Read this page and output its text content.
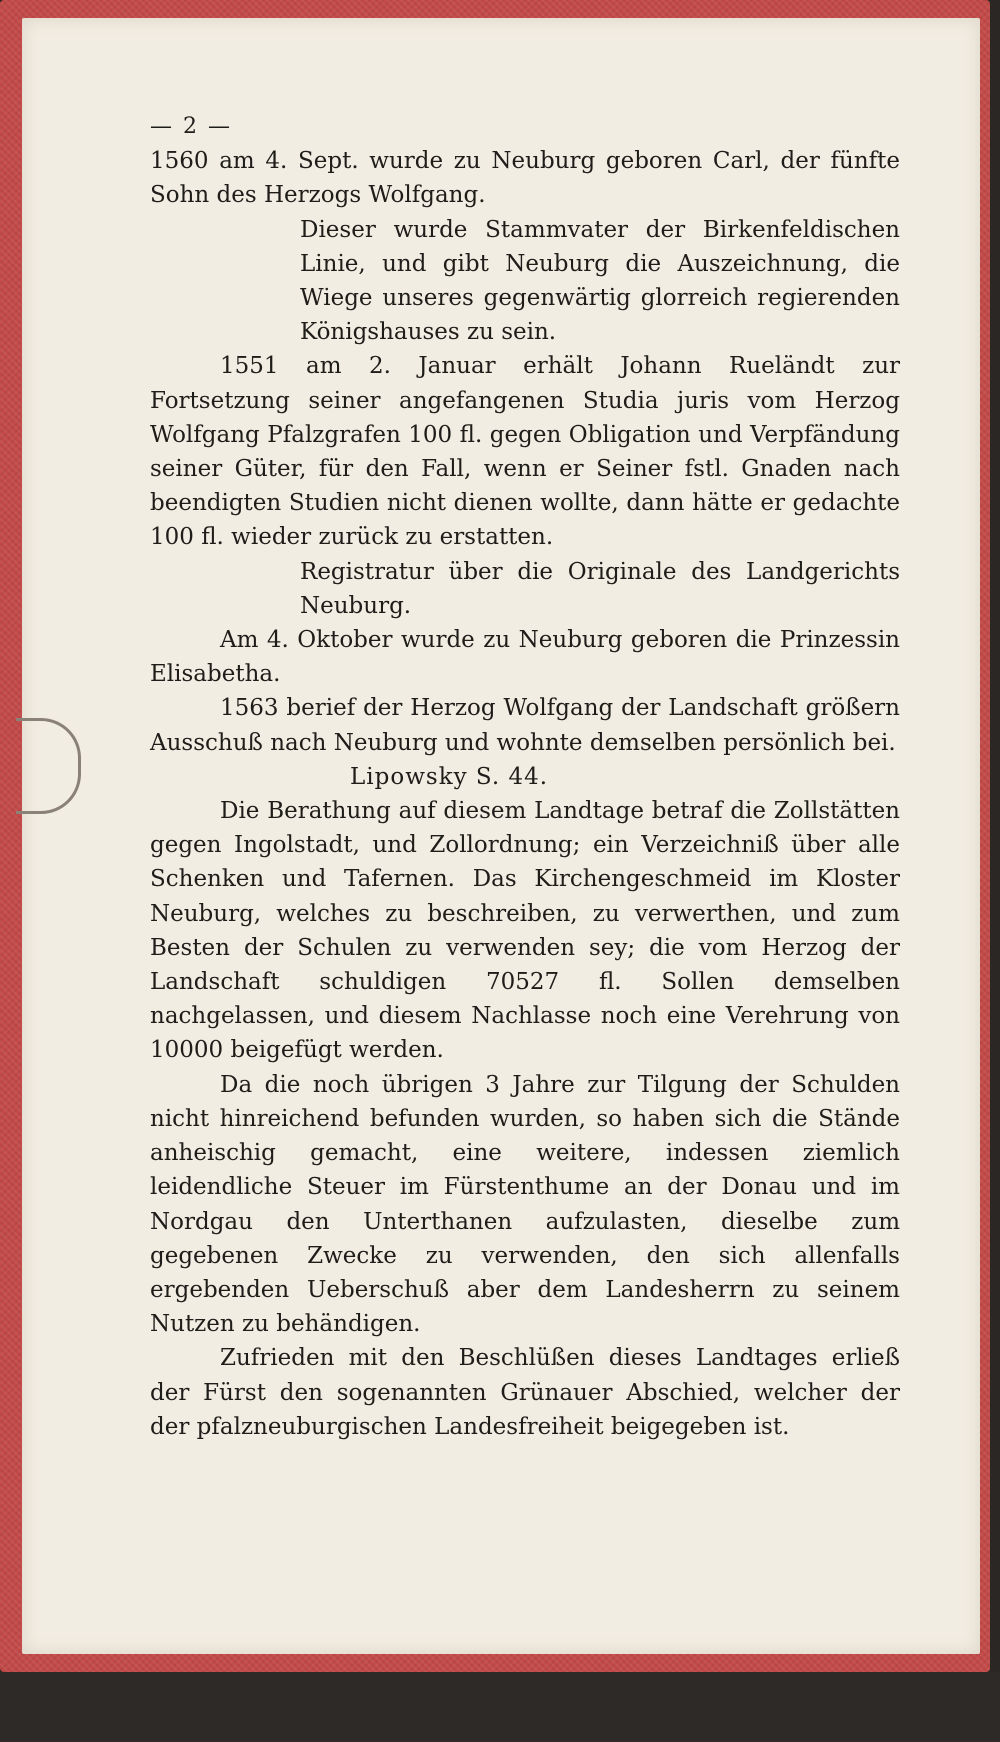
— 2 —

1560 am 4. Sept. wurde zu Neuburg geboren Carl, der fünfte Sohn des Herzogs Wolfgang.

Dieser wurde Stammvater der Birkenfeldischen Linie, und gibt Neuburg die Auszeichnung, die Wiege unseres gegenwärtig glorreich regierenden Königshauses zu sein.

1551 am 2. Januar erhält Johann Rueländt zur Fortsetzung seiner angefangenen Studia juris vom Herzog Wolfgang Pfalzgrafen 100 fl. gegen Obligation und Verpfändung seiner Güter, für den Fall, wenn er Seiner fstl. Gnaden nach beendigten Studien nicht dienen wollte, dann hätte er gedachte 100 fl. wieder zurück zu erstatten.

Registratur über die Originale des Landgerichts Neuburg.

Am 4. Oktober wurde zu Neuburg geboren die Prinzessin Elisabetha.

1563 berief der Herzog Wolfgang der Landschaft größern Ausschuß nach Neuburg und wohnte demselben persönlich bei.

Lipowsky S. 44.

Die Berathung auf diesem Landtage betraf die Zollstätten gegen Ingolstadt, und Zollordnung; ein Verzeichniß über alle Schenken und Tafernen. Das Kirchengeschmeid im Kloster Neuburg, welches zu beschreiben, zu verwerthen, und zum Besten der Schulen zu verwenden sey; die vom Herzog der Landschaft schuldigen 70527 fl. Sollen demselben nachgelassen, und diesem Nachlasse noch eine Verehrung von 10000 beigefügt werden.

Da die noch übrigen 3 Jahre zur Tilgung der Schulden nicht hinreichend befunden wurden, so haben sich die Stände anheischig gemacht, eine weitere, indessen ziemlich leidendliche Steuer im Fürstenthume an der Donau und im Nordgau den Unterthanen aufzulasten, dieselbe zum gegebenen Zwecke zu verwenden, den sich allenfalls ergebenden Ueberschuß aber dem Landesherrn zu seinem Nutzen zu behändigen.

Zufrieden mit den Beschlüßen dieses Landtages erließ der Fürst den sogenannten Grünauer Abschied, welcher der der pfalzneuburgischen Landesfreiheit beigegeben ist.
